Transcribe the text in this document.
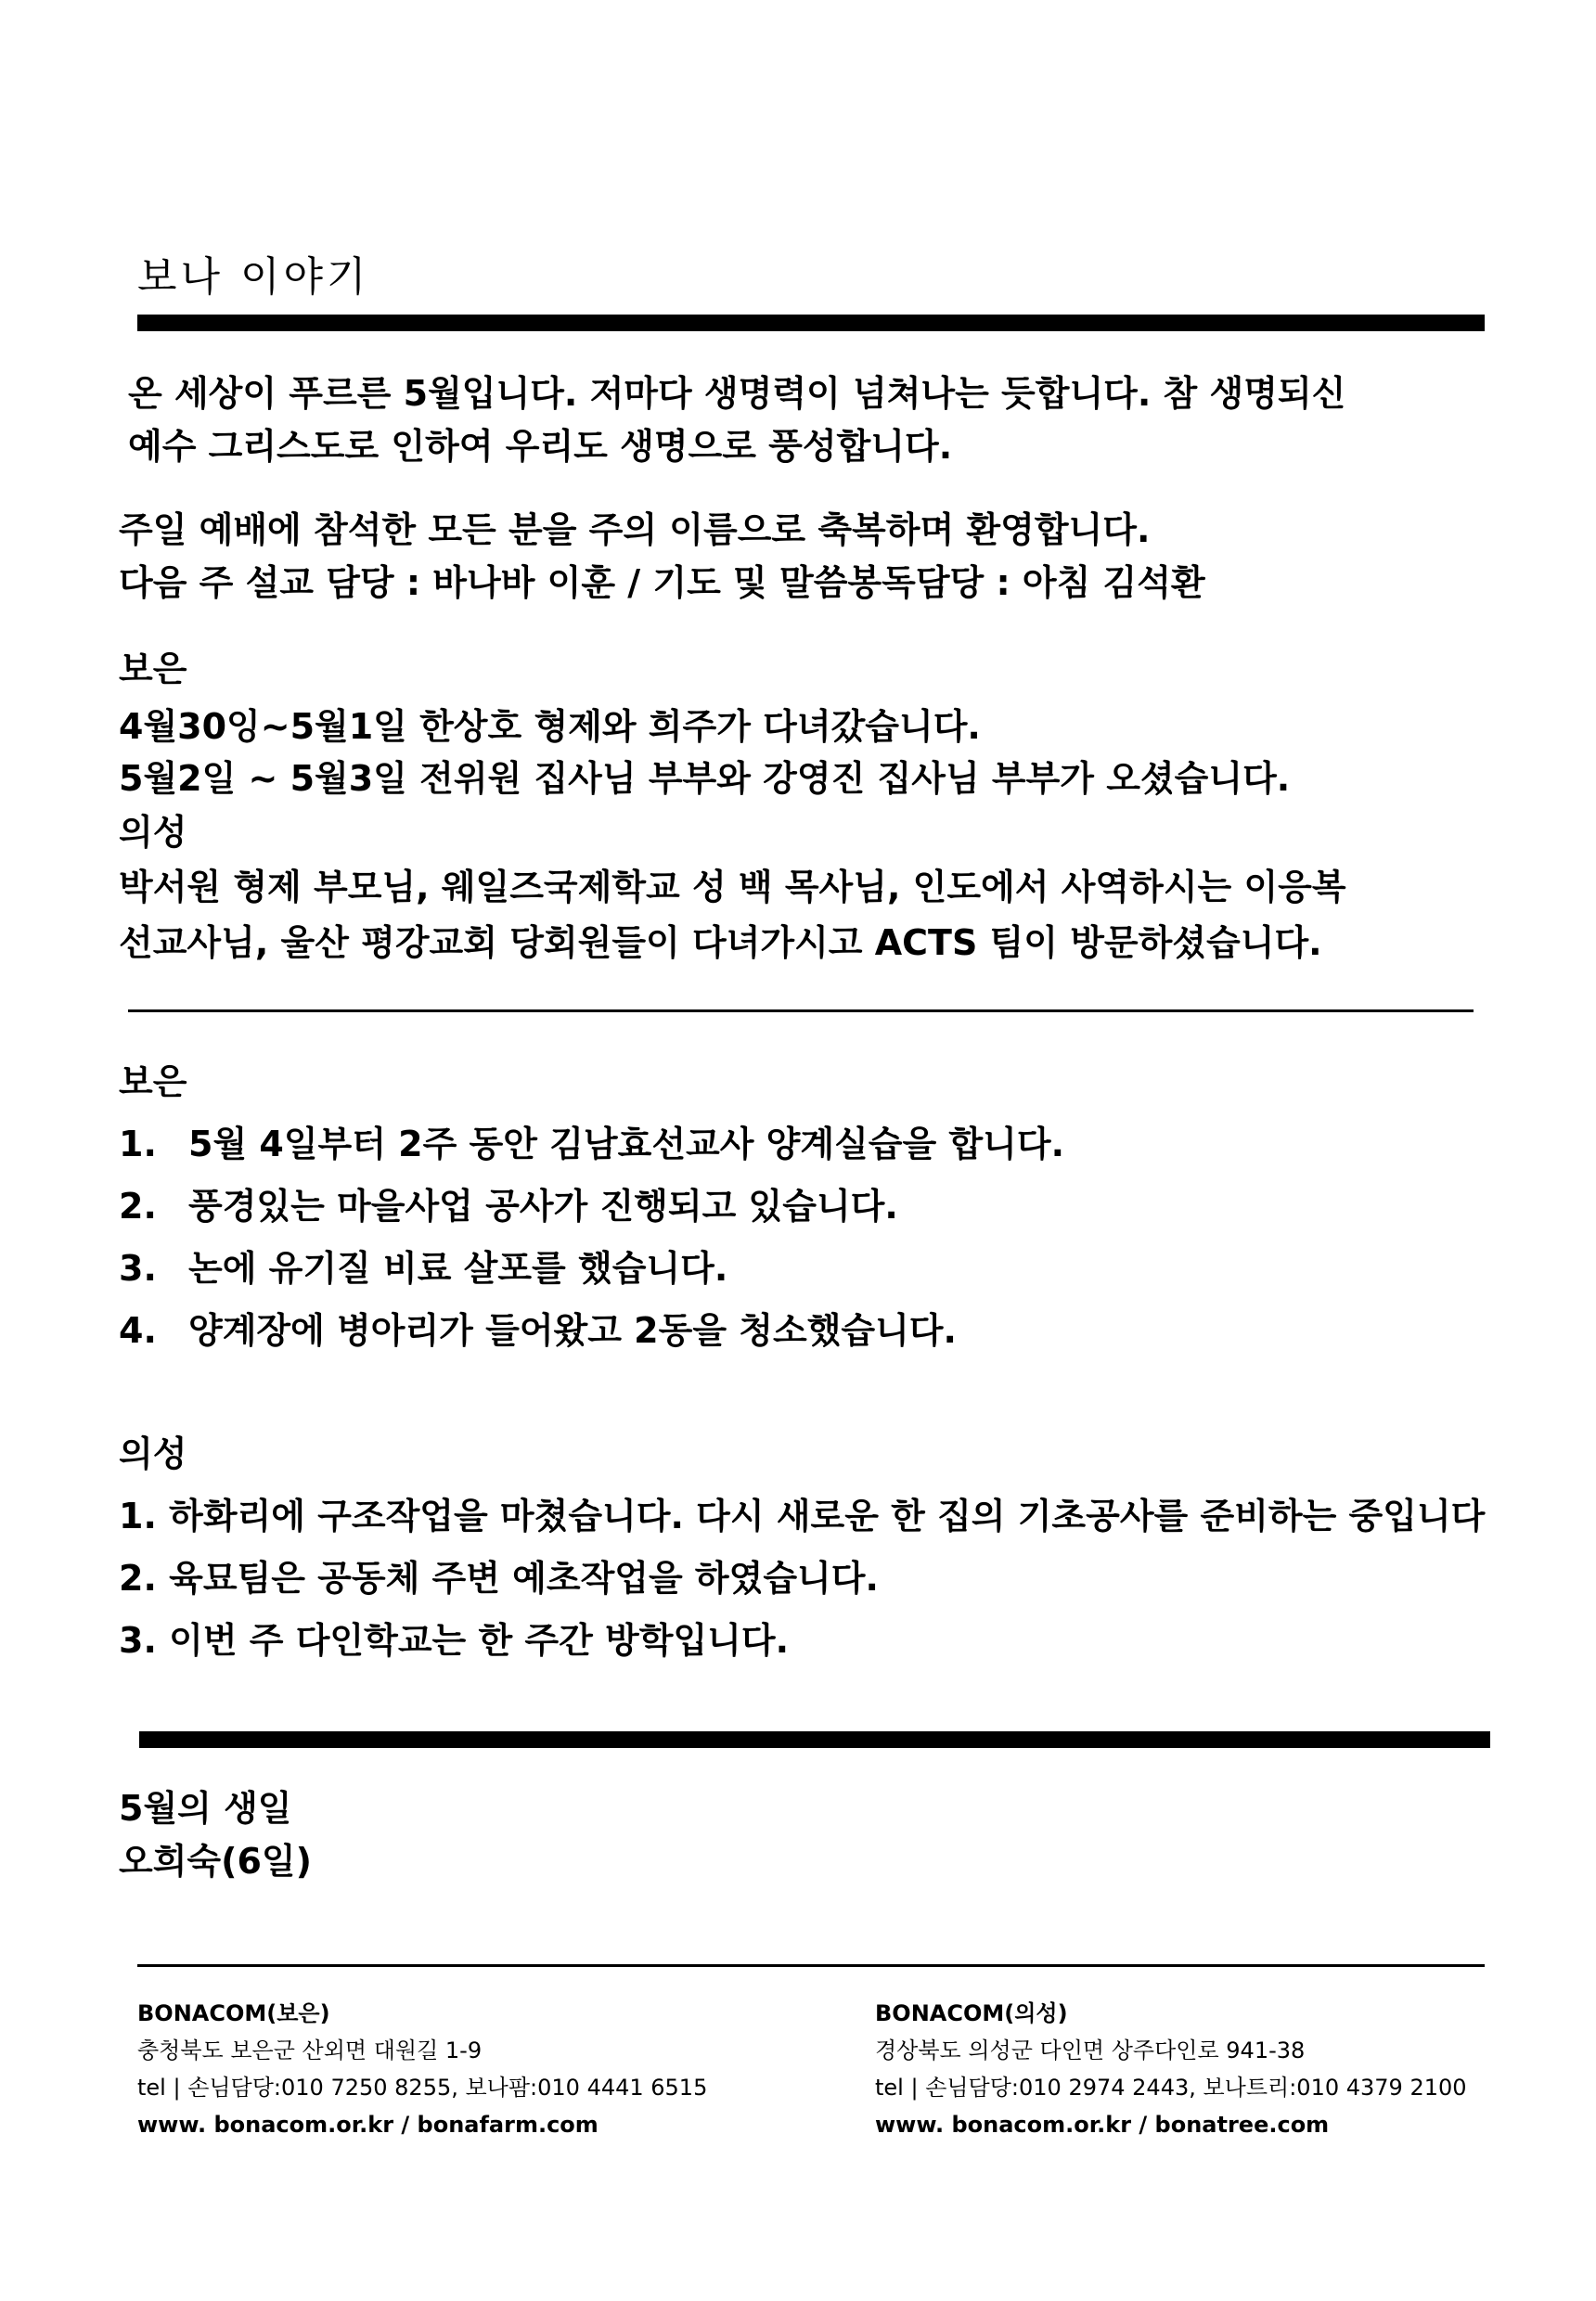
보나 이야기
온 세상이 푸르른 5월입니다. 저마다 생명력이 넘쳐나는 듯합니다. 참 생명되신
예수 그리스도로 인하여 우리도 생명으로 풍성합니다.
주일 예배에 참석한 모든 분을 주의 이름으로 축복하며 환영합니다.
다음 주 설교 담당 : 바나바 이훈 / 기도 및 말씀봉독담당 : 아침 김석환
보은
4월30잉~5월1일 한상호 형제와 희주가 다녀갔습니다.
5월2일 ~ 5월3일 전위원 집사님 부부와 강영진 집사님 부부가 오셨습니다.
의성
박서원 형제 부모님, 웨일즈국제학교 성 백 목사님, 인도에서 사역하시는 이응복
선교사님, 울산 평강교회 당회원들이 다녀가시고 ACTS 팀이 방문하셨습니다.
보은
1. 5월 4일부터 2주 동안 김남효선교사 양계실습을 합니다.
2. 풍경있는 마을사업 공사가 진행되고 있습니다.
3. 논에 유기질 비료 살포를 했습니다.
4. 양계장에 병아리가 들어왔고 2동을 청소했습니다.
의성
1. 하화리에 구조작업을 마쳤습니다. 다시 새로운 한 집의 기초공사를 준비하는 중입니다
2. 육묘팀은 공동체 주변 예초작업을 하였습니다.
3. 이번 주 다인학교는 한 주간 방학입니다.
5월의 생일
오희숙(6일)
BONACOM(보은)
충청북도 보은군 산외면 대원길 1-9
tel | 손님담당:010 7250 8255, 보나팜:010 4441 6515
www. bonacom.or.kr / bonafarm.com
BONACOM(의성)
경상북도 의성군 다인면 상주다인로 941-38
tel | 손님담당:010 2974 2443, 보나트리:010 4379 2100
www. bonacom.or.kr / bonatree.com
